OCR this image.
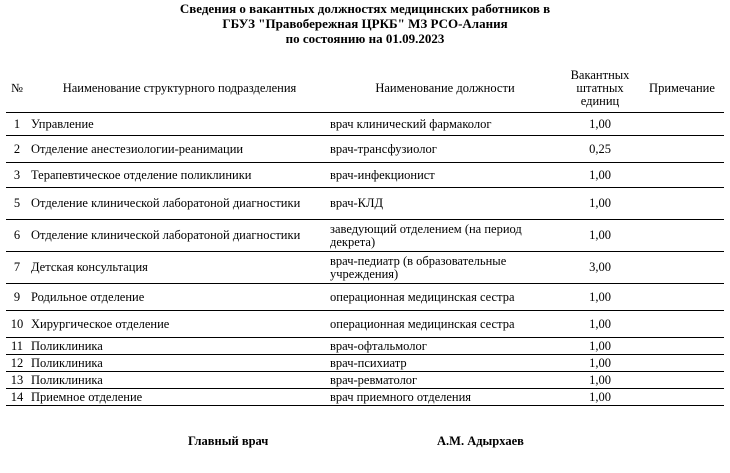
Сведения о вакантных должностях медицинских работников в
ГБУЗ "Правобережная ЦРКБ" МЗ РСО-Алания
по состоянию на 01.09.2023
№	Наименование структурного подразделения	Наименование должности	Вакантных
штатных
единиц	Примечание

1	Управление	врач клинический фармаколог	1,00	
2	Отделение анестезиологии-реанимации	врач-трансфузиолог	0,25	
3	Терапевтическое отделение поликлиники	врач-инфекционист	1,00	
5	Отделение клинической лаборатоной диагностики	врач-КЛД	1,00	
6	Отделение клинической лаборатоной диагностики	заведующий отделением (на период декрета)	1,00	
7	Детская консультация	врач-педиатр (в образовательные учреждения)	3,00	
9	Родильное отделение	операционная медицинская сестра	1,00	
10	Хирургическое отделение	операционная медицинская сестра	1,00	
11	Поликлиника	врач-офтальмолог	1,00	
12	Поликлиника	врач-психиатр	1,00	
13	Поликлиника	врач-ревматолог	1,00	
14	Приемное отделение	врач приемного отделения	1,00	
Главный врач	А.М. Адырхаев
